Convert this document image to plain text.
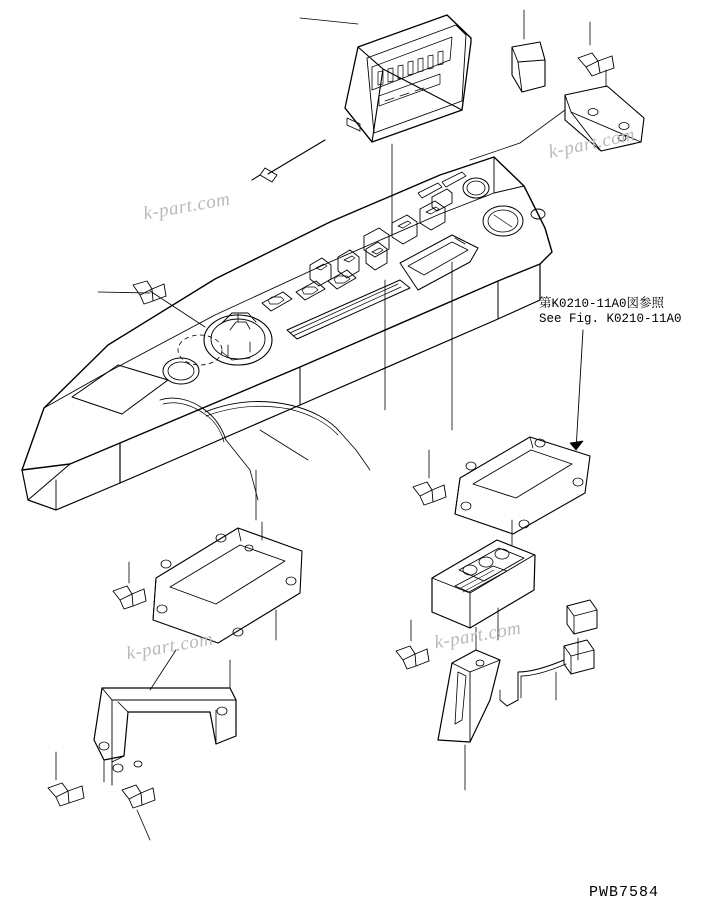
k-part.com
k-part.com
k-part.com	k-part.com
第K0210-11A0図参照
See Fig. K0210-11A0
PWB7584
